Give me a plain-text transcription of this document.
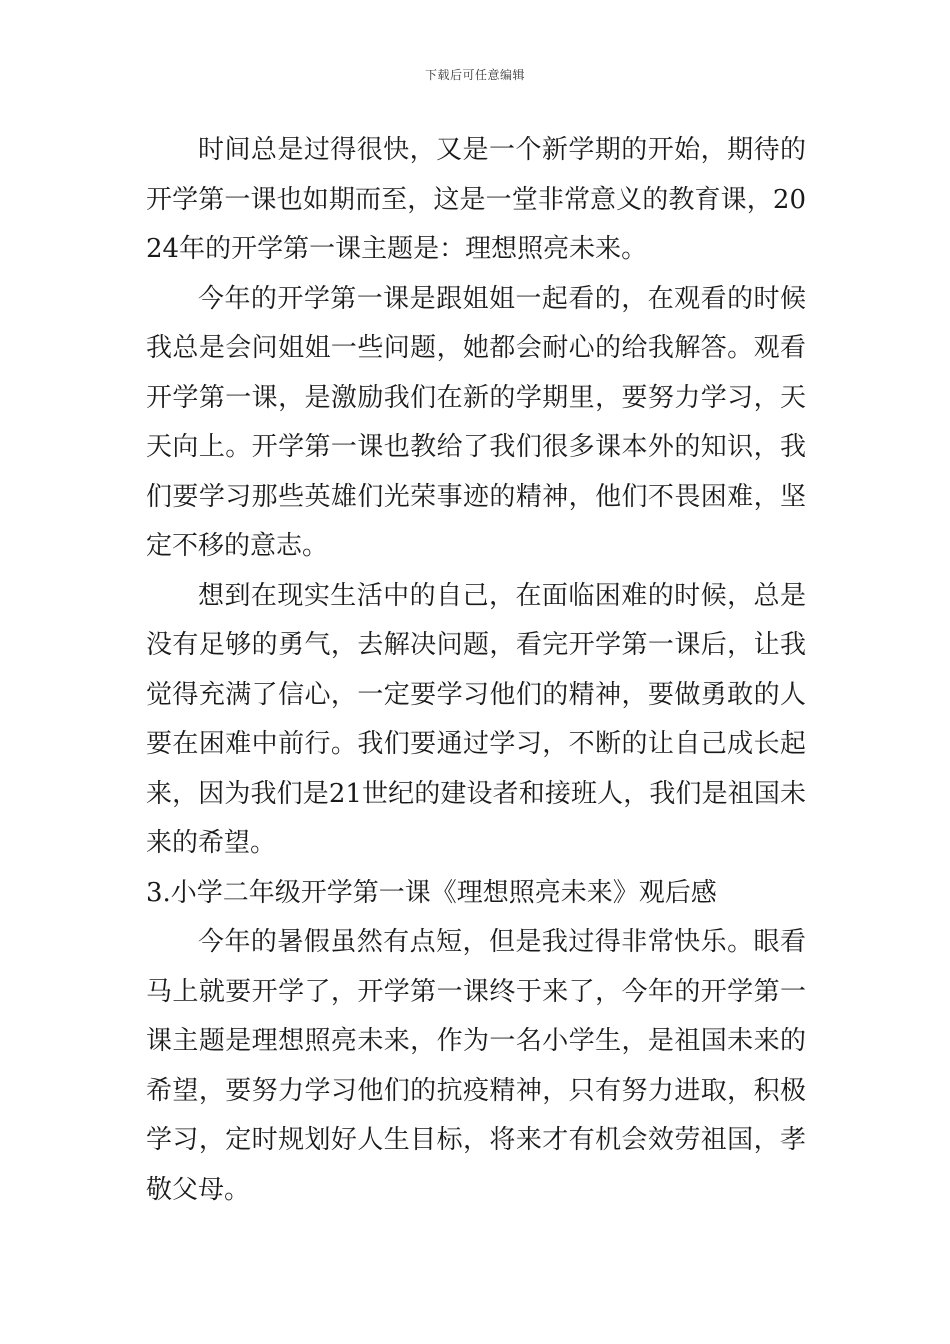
下载后可任意编辑

时间总是过得很快，又是一个新学期的开始，期待的开学第一课也如期而至，这是一堂非常意义的教育课，2024年的开学第一课主题是：理想照亮未来。

今年的开学第一课是跟姐姐一起看的，在观看的时候我总是会问姐姐一些问题，她都会耐心的给我解答。观看开学第一课，是激励我们在新的学期里，要努力学习，天天向上。开学第一课也教给了我们很多课本外的知识，我们要学习那些英雄们光荣事迹的精神，他们不畏困难，坚定不移的意志。

想到在现实生活中的自己，在面临困难的时候，总是没有足够的勇气，去解决问题，看完开学第一课后，让我觉得充满了信心，一定要学习他们的精神，要做勇敢的人要在困难中前行。我们要通过学习，不断的让自己成长起来，因为我们是21世纪的建设者和接班人，我们是祖国未来的希望。

3.小学二年级开学第一课《理想照亮未来》观后感

今年的暑假虽然有点短，但是我过得非常快乐。眼看马上就要开学了，开学第一课终于来了，今年的开学第一课主题是理想照亮未来，作为一名小学生，是祖国未来的希望，要努力学习他们的抗疫精神，只有努力进取，积极学习，定时规划好人生目标，将来才有机会效劳祖国，孝敬父母。
